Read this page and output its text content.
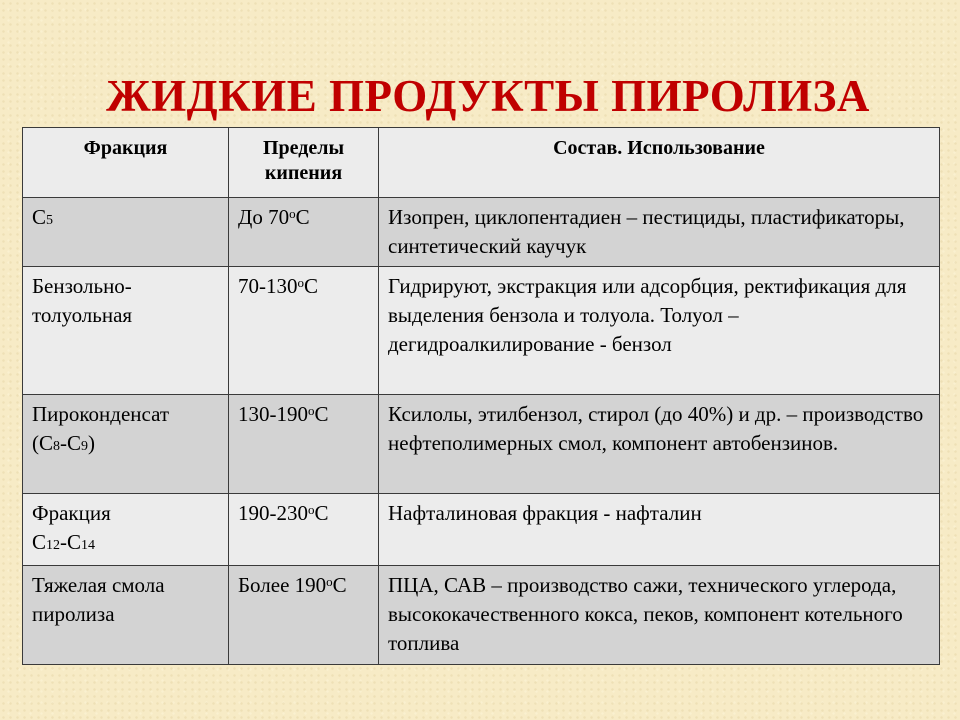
ЖИДКИЕ ПРОДУКТЫ ПИРОЛИЗА
Фракция	Пределы кипения	Состав. Использование
С5	До $70^оС$	Изопрен, циклопентадиен – пестициды, пластификаторы, синтетический каучук
Бензольно-толуольная	$70-130^оС$	Гидрируют, экстракция или адсорбция, ректификация для выделения бензола и толуола. Толуол – дегидроалкилирование - бензол
Пироконденсат
(С8-С9)	$130-190^оС$	Ксилолы, этилбензол, стирол (до 40%) и др. – производство нефтеполимерных смол, компонент автобензинов.
Фракция
С12-С14	$190-230^оС$	Нафталиновая фракция - нафталин
Тяжелая смола пиролиза	Более $190^оС$	ПЦА, САВ – производство сажи, технического углерода, высококачественного кокса, пеков, компонент котельного топлива
